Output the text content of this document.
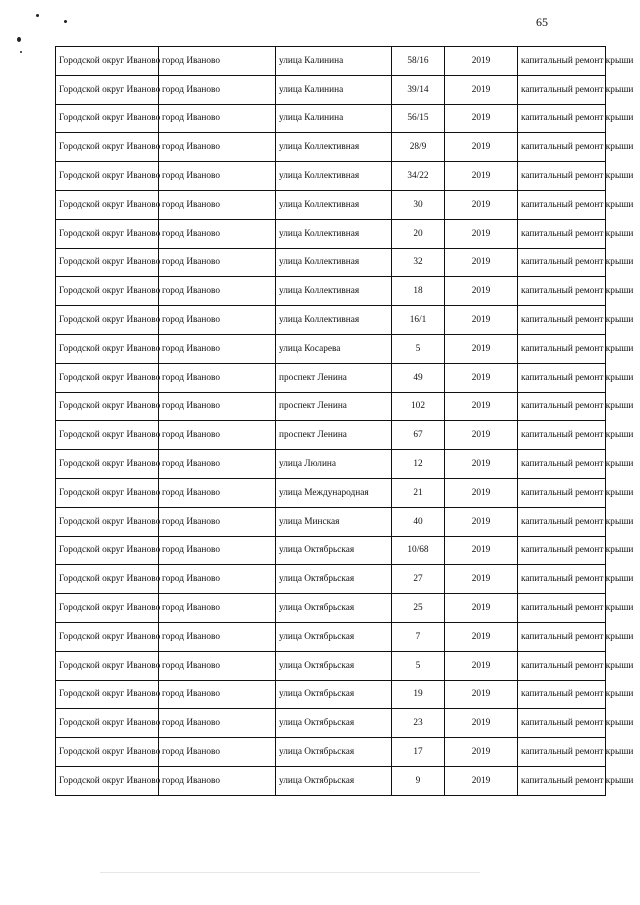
65
Городской округ Иваново	город Иваново	улица Калинина	58/16	2019	капитальный ремонт крыши
Городской округ Иваново	город Иваново	улица Калинина	39/14	2019	капитальный ремонт крыши
Городской округ Иваново	город Иваново	улица Калинина	56/15	2019	капитальный ремонт крыши
Городской округ Иваново	город Иваново	улица Коллективная	28/9	2019	капитальный ремонт крыши
Городской округ Иваново	город Иваново	улица Коллективная	34/22	2019	капитальный ремонт крыши
Городской округ Иваново	город Иваново	улица Коллективная	30	2019	капитальный ремонт крыши
Городской округ Иваново	город Иваново	улица Коллективная	20	2019	капитальный ремонт крыши
Городской округ Иваново	город Иваново	улица Коллективная	32	2019	капитальный ремонт крыши
Городской округ Иваново	город Иваново	улица Коллективная	18	2019	капитальный ремонт крыши
Городской округ Иваново	город Иваново	улица Коллективная	16/1	2019	капитальный ремонт крыши
Городской округ Иваново	город Иваново	улица Косарева	5	2019	капитальный ремонт крыши
Городской округ Иваново	город Иваново	проспект Ленина	49	2019	капитальный ремонт крыши
Городской округ Иваново	город Иваново	проспект Ленина	102	2019	капитальный ремонт крыши
Городской округ Иваново	город Иваново	проспект Ленина	67	2019	капитальный ремонт крыши
Городской округ Иваново	город Иваново	улица Люлина	12	2019	капитальный ремонт крыши
Городской округ Иваново	город Иваново	улица Международная	21	2019	капитальный ремонт крыши
Городской округ Иваново	город Иваново	улица Минская	40	2019	капитальный ремонт крыши
Городской округ Иваново	город Иваново	улица Октябрьская	10/68	2019	капитальный ремонт крыши
Городской округ Иваново	город Иваново	улица Октябрьская	27	2019	капитальный ремонт крыши
Городской округ Иваново	город Иваново	улица Октябрьская	25	2019	капитальный ремонт крыши
Городской округ Иваново	город Иваново	улица Октябрьская	7	2019	капитальный ремонт крыши
Городской округ Иваново	город Иваново	улица Октябрьская	5	2019	капитальный ремонт крыши
Городской округ Иваново	город Иваново	улица Октябрьская	19	2019	капитальный ремонт крыши
Городской округ Иваново	город Иваново	улица Октябрьская	23	2019	капитальный ремонт крыши
Городской округ Иваново	город Иваново	улица Октябрьская	17	2019	капитальный ремонт крыши
Городской округ Иваново	город Иваново	улица Октябрьская	9	2019	капитальный ремонт крыши
